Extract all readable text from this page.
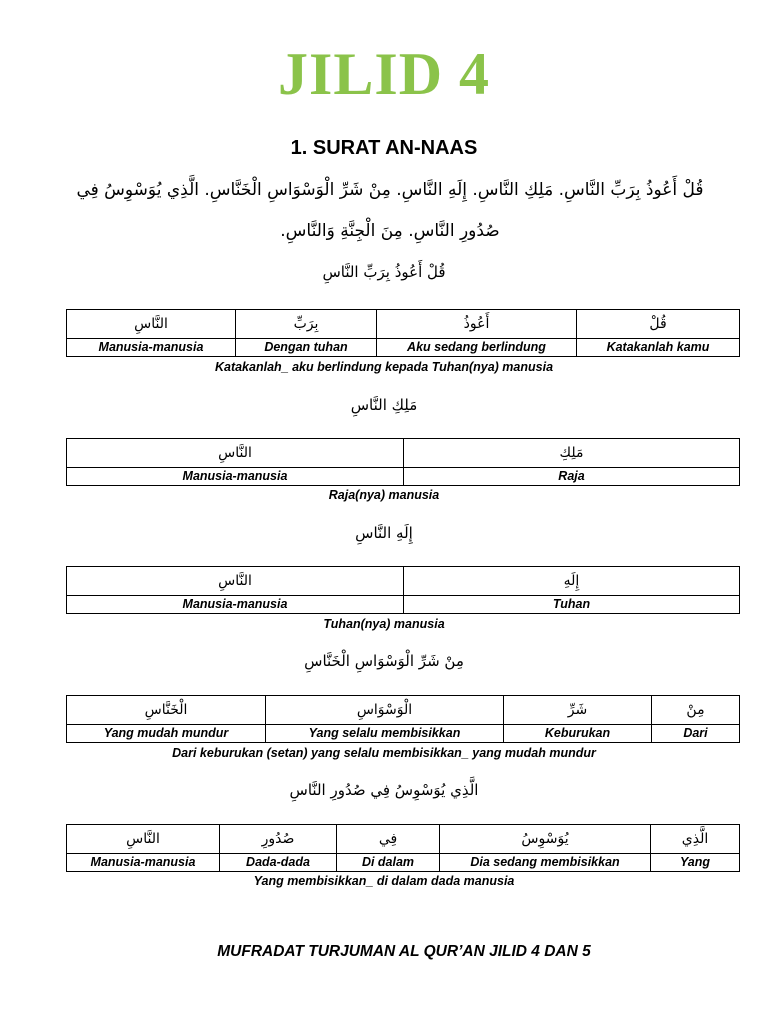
JILID 4
1. SURAT AN-NAAS
قُلْ أَعُوذُ بِرَبِّ النَّاسِ. مَلِكِ النَّاسِ. إِلَهِ النَّاسِ. مِنْ شَرِّ الْوَسْوَاسِ الْخَنَّاسِ. الَّذِي يُوَسْوِسُ فِي صُدُورِ النَّاسِ. مِنَ الْجِنَّةِ وَالنَّاسِ.
قُلْ أَعُوذُ بِرَبِّ النَّاسِ
قُلْ	أَعُوذُ	بِرَبِّ	النَّاسِ
Katakanlah kamu	Aku sedang berlindung	Dengan tuhan	Manusia-manusia
Katakanlah_ aku berlindung kepada Tuhan(nya) manusia
مَلِكِ النَّاسِ
مَلِكِ	النَّاسِ
Raja	Manusia-manusia
Raja(nya) manusia
إِلَهِ النَّاسِ
إِلَهِ	النَّاسِ
Tuhan	Manusia-manusia
Tuhan(nya) manusia
مِنْ شَرِّ الْوَسْوَاسِ الْخَنَّاسِ
مِنْ	شَرِّ	الْوَسْوَاسِ	الْخَنَّاسِ
Dari	Keburukan	Yang selalu membisikkan	Yang mudah mundur
Dari keburukan (setan) yang selalu membisikkan_ yang mudah mundur
الَّذِي يُوَسْوِسُ فِي صُدُورِ النَّاسِ
الَّذِي	يُوَسْوِسُ	فِي	صُدُورِ	النَّاسِ
Yang	Dia sedang membisikkan	Di dalam	Dada-dada	Manusia-manusia
Yang membisikkan_ di dalam dada manusia
MUFRADAT TURJUMAN AL QUR’AN JILID 4 DAN 5
